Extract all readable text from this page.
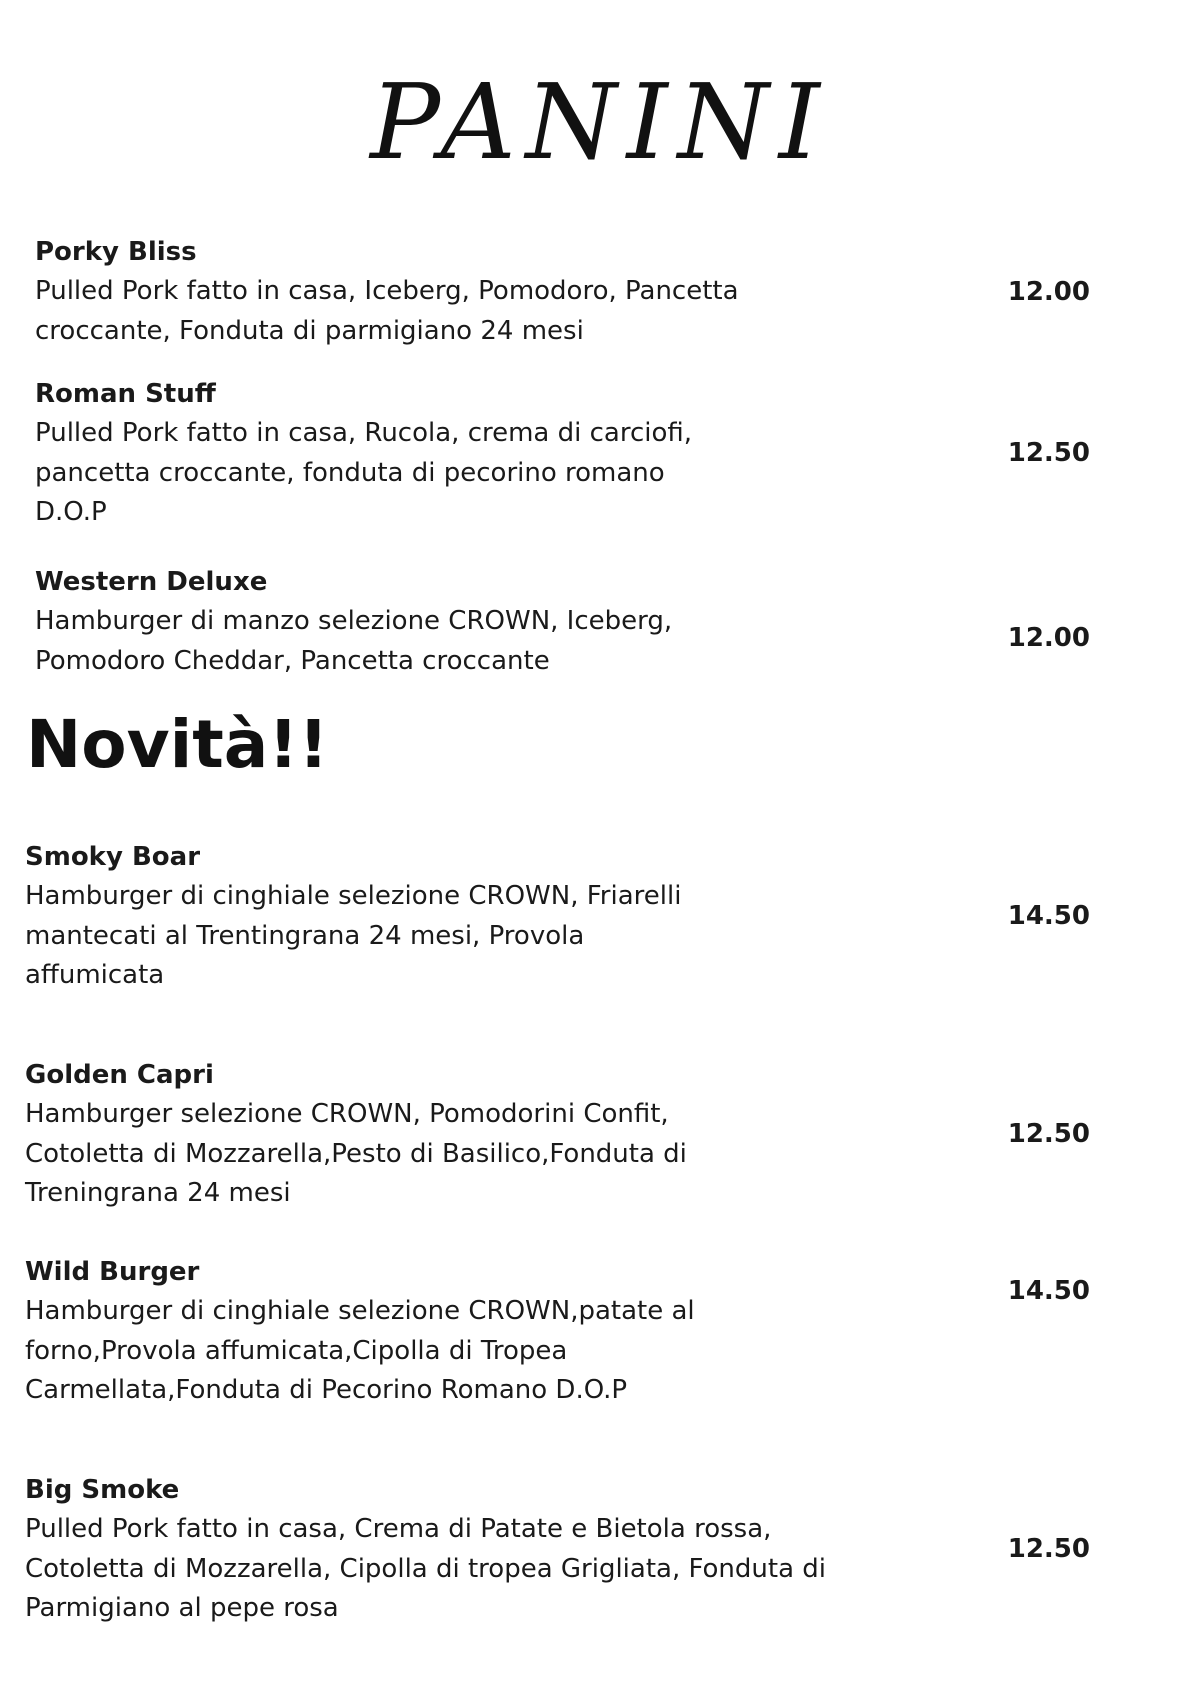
PANINI
Porky Bliss
Pulled Pork fatto in casa, Iceberg, Pomodoro, Pancetta
croccante, Fonduta di parmigiano 24 mesi
12.00
Roman Stuff
Pulled Pork fatto in casa, Rucola, crema di carciofi,
pancetta croccante, fonduta di pecorino romano
D.O.P
12.50
Western Deluxe
Hamburger di manzo selezione CROWN, Iceberg,
Pomodoro Cheddar, Pancetta croccante
12.00
Novità!!
Smoky Boar
Hamburger di cinghiale selezione CROWN, Friarelli
mantecati al Trentingrana 24 mesi, Provola
affumicata
14.50
Golden Capri
Hamburger selezione CROWN, Pomodorini Confit,
Cotoletta di Mozzarella,Pesto di Basilico,Fonduta di
Treningrana 24 mesi
12.50
Wild Burger
Hamburger di cinghiale selezione CROWN,patate al
forno,Provola affumicata,Cipolla di Tropea
Carmellata,Fonduta di Pecorino Romano D.O.P
14.50
Big Smoke
Pulled Pork fatto in casa, Crema di Patate e Bietola rossa,
Cotoletta di Mozzarella, Cipolla di tropea Grigliata, Fonduta di
Parmigiano al pepe rosa
12.50
